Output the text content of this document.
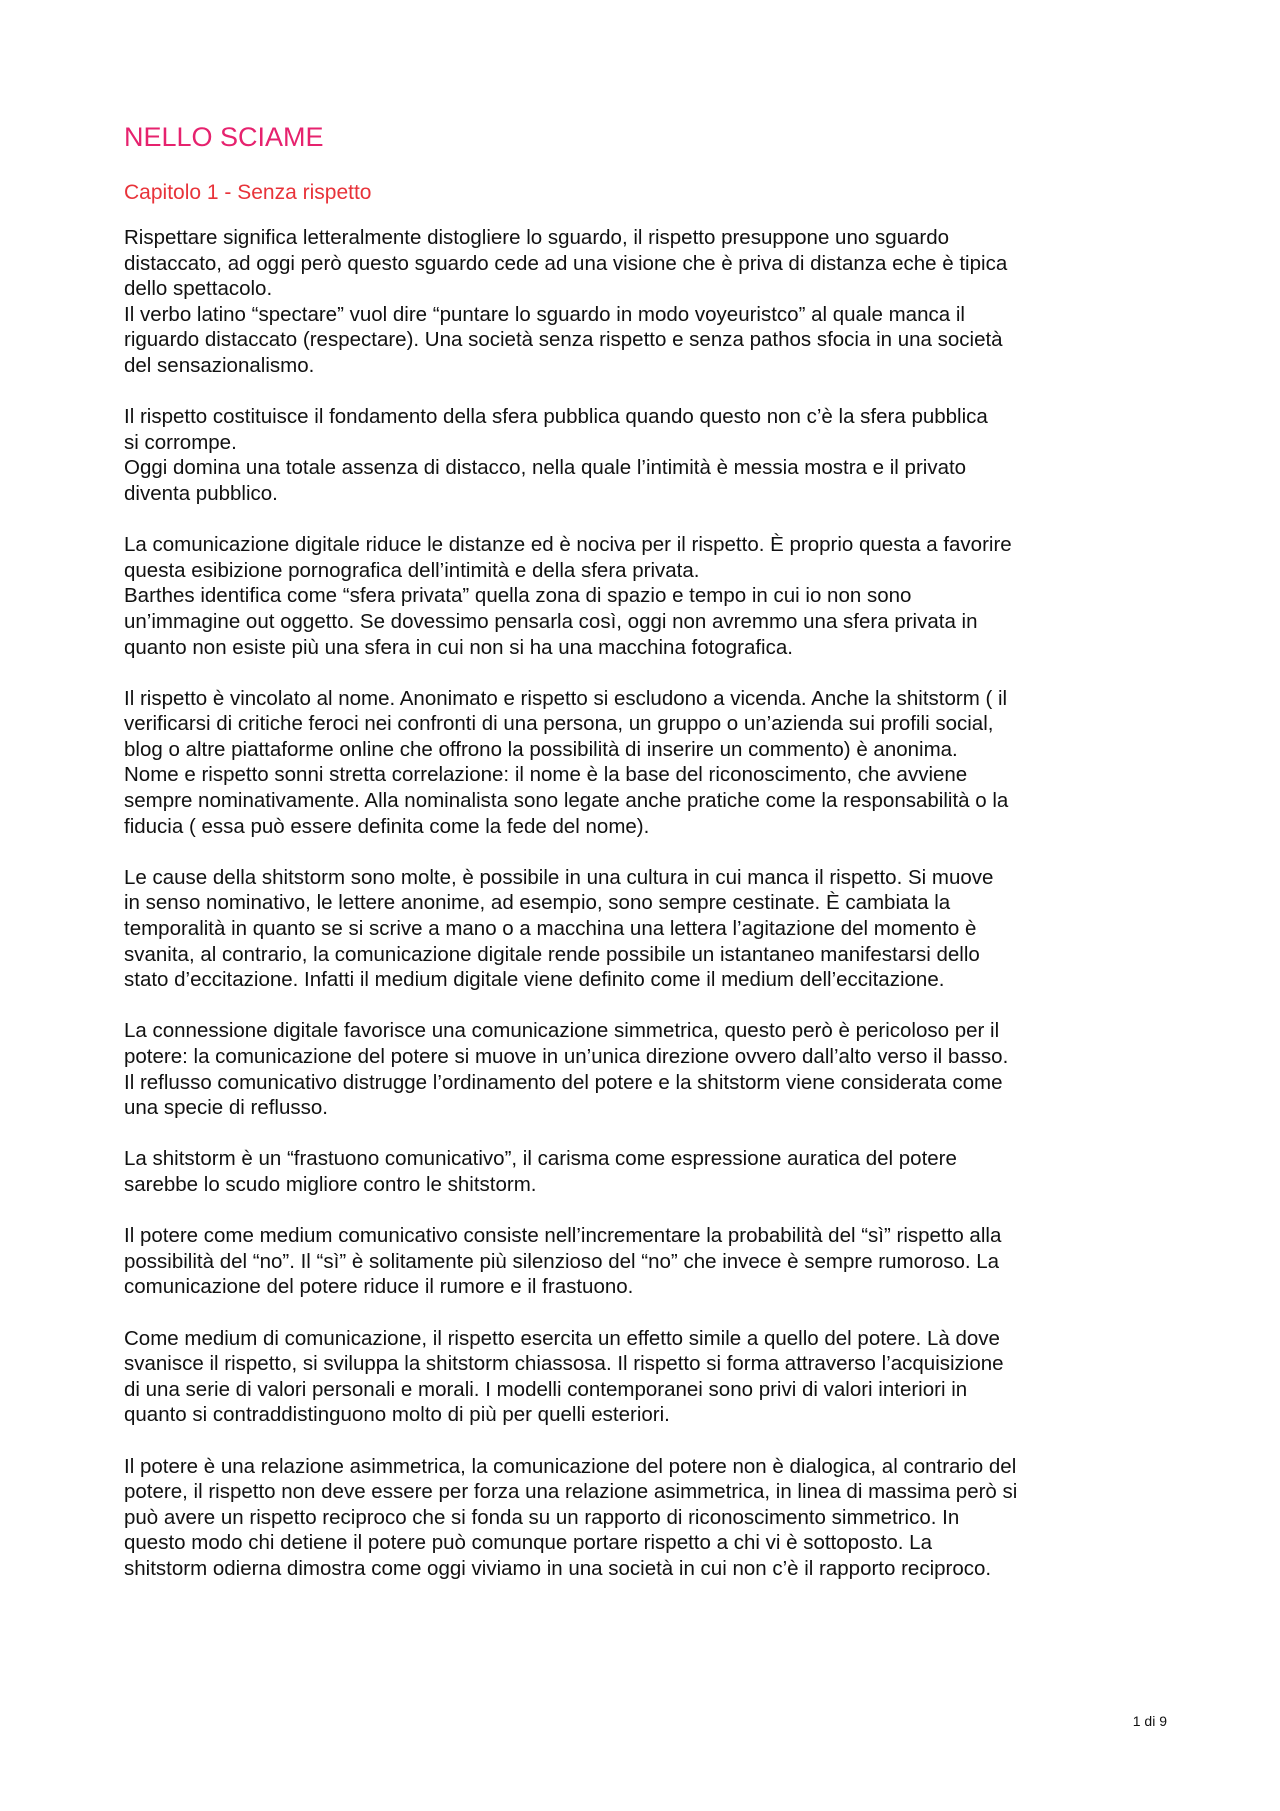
NELLO SCIAME
Capitolo 1 - Senza rispetto

Rispettare significa letteralmente distogliere lo sguardo, il rispetto presuppone uno sguardo
distaccato, ad oggi però questo sguardo cede ad una visione che è priva di distanza eche è tipica
dello spettacolo.
Il verbo latino “spectare” vuol dire “puntare lo sguardo in modo voyeuristco” al quale manca il
riguardo distaccato (respectare). Una società senza rispetto e senza pathos sfocia in una società
del sensazionalismo.

Il rispetto costituisce il fondamento della sfera pubblica quando questo non c’è la sfera pubblica
si corrompe.
Oggi domina una totale assenza di distacco, nella quale l’intimità è messia mostra e il privato
diventa pubblico.

La comunicazione digitale riduce le distanze ed è nociva per il rispetto. È proprio questa a favorire
questa esibizione pornografica dell’intimità e della sfera privata.
Barthes identifica come “sfera privata” quella zona di spazio e tempo in cui io non sono
un’immagine out oggetto. Se dovessimo pensarla così, oggi non avremmo una sfera privata in
quanto non esiste più una sfera in cui non si ha una macchina fotografica.

Il rispetto è vincolato al nome. Anonimato e rispetto si escludono a vicenda. Anche la shitstorm ( il
verificarsi di critiche feroci nei confronti di una persona, un gruppo o un’azienda sui profili social,
blog o altre piattaforme online che offrono la possibilità di inserire un commento) è anonima.
Nome e rispetto sonni stretta correlazione: il nome è la base del riconoscimento, che avviene
sempre nominativamente. Alla nominalista sono legate anche pratiche come la responsabilità o la
fiducia ( essa può essere definita come la fede del nome).

Le cause della shitstorm sono molte, è possibile in una cultura in cui manca il rispetto. Si muove
in senso nominativo, le lettere anonime, ad esempio, sono sempre cestinate. È cambiata la
temporalità in quanto se si scrive a mano o a macchina una lettera l’agitazione del momento è
svanita, al contrario, la comunicazione digitale rende possibile un istantaneo manifestarsi dello
stato d’eccitazione. Infatti il medium digitale viene definito come il medium dell’eccitazione.

La connessione digitale favorisce una comunicazione simmetrica, questo però è pericoloso per il
potere: la comunicazione del potere si muove in un’unica direzione ovvero dall’alto verso il basso.
Il reflusso comunicativo distrugge l’ordinamento del potere e la shitstorm viene considerata come
una specie di reflusso.

La shitstorm è un “frastuono comunicativo”, il carisma come espressione auratica del potere
sarebbe lo scudo migliore contro le shitstorm.

Il potere come medium comunicativo consiste nell’incrementare la probabilità del “sì” rispetto alla
possibilità del “no”. Il “sì” è solitamente più silenzioso del “no” che invece è sempre rumoroso. La
comunicazione del potere riduce il rumore e il frastuono.

Come medium di comunicazione, il rispetto esercita un effetto simile a quello del potere. Là dove
svanisce il rispetto, si sviluppa la shitstorm chiassosa. Il rispetto si forma attraverso l’acquisizione
di una serie di valori personali e morali. I modelli contemporanei sono privi di valori interiori in
quanto si contraddistinguono molto di più per quelli esteriori.

Il potere è una relazione asimmetrica, la comunicazione del potere non è dialogica, al contrario del
potere, il rispetto non deve essere per forza una relazione asimmetrica, in linea di massima però si
può avere un rispetto reciproco che si fonda su un rapporto di riconoscimento simmetrico. In
questo modo chi detiene il potere può comunque portare rispetto a chi vi è sottoposto. La
shitstorm odierna dimostra come oggi viviamo in una società in cui non c’è il rapporto reciproco.

1 di 9
